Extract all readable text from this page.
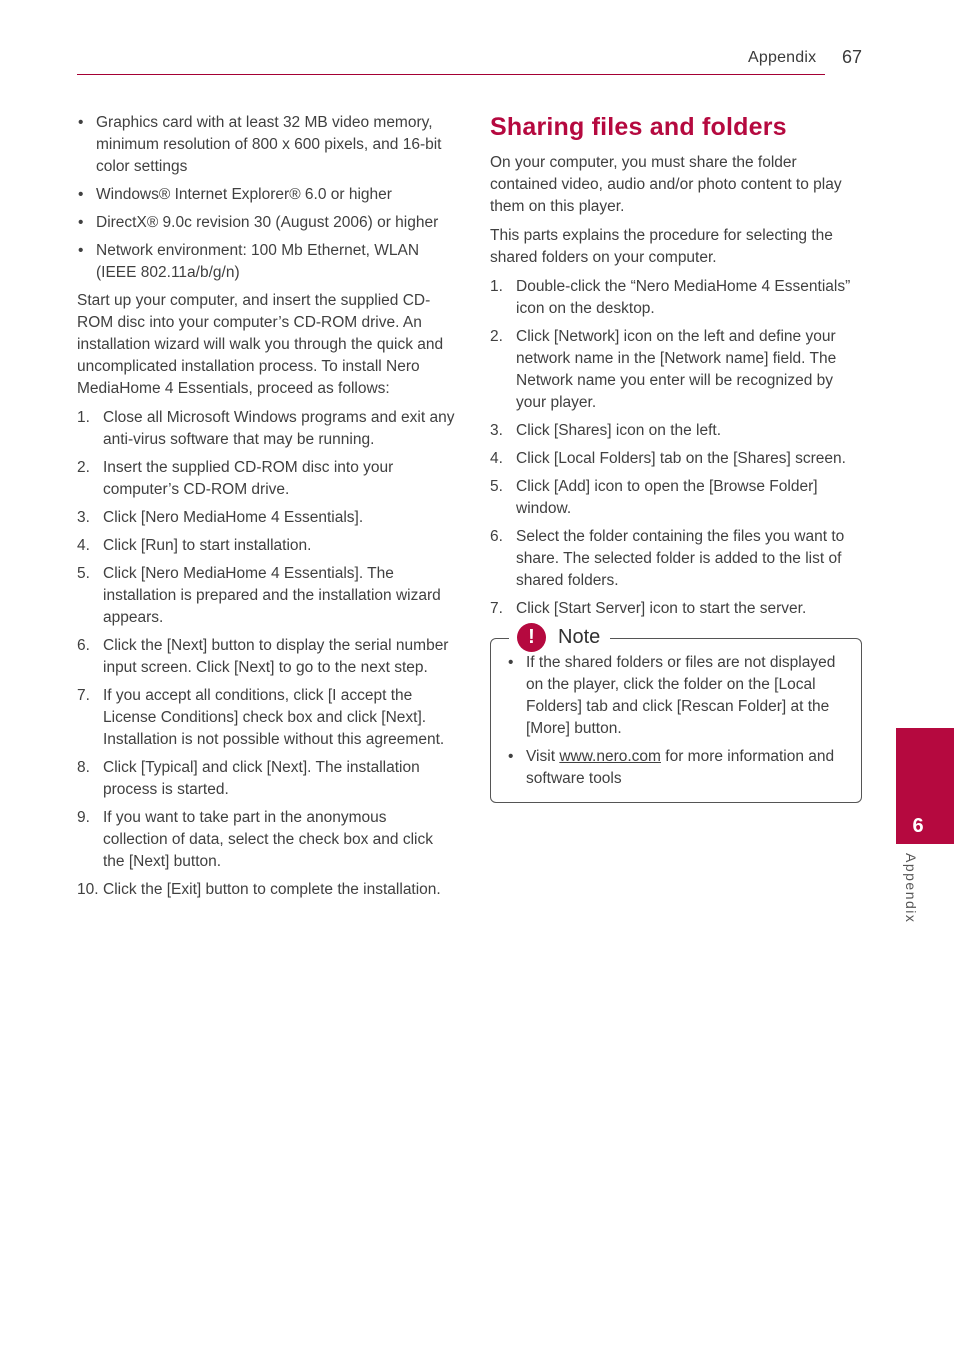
Appendix 67
• Graphics card with at least 32 MB video memory, minimum resolution of 800 x 600 pixels, and 16-bit color settings
• Windows® Internet Explorer® 6.0 or higher
• DirectX® 9.0c revision 30 (August 2006) or higher
• Network environment: 100 Mb Ethernet, WLAN (IEEE 802.11a/b/g/n)

Start up your computer, and insert the supplied CD-ROM disc into your computer’s CD-ROM drive. An installation wizard will walk you through the quick and uncomplicated installation process. To install Nero MediaHome 4 Essentials, proceed as follows:

1. Close all Microsoft Windows programs and exit any anti-virus software that may be running.
2. Insert the supplied CD-ROM disc into your computer’s CD-ROM drive.
3. Click [Nero MediaHome 4 Essentials].
4. Click [Run] to start installation.
5. Click [Nero MediaHome 4 Essentials]. The installation is prepared and the installation wizard appears.
6. Click the [Next] button to display the serial number input screen. Click [Next] to go to the next step.
7. If you accept all conditions, click [I accept the License Conditions] check box and click [Next]. Installation is not possible without this agreement.
8. Click [Typical] and click [Next]. The installation process is started.
9. If you want to take part in the anonymous collection of data, select the check box and click the [Next] button.
10. Click the [Exit] button to complete the installation.
Sharing files and folders

On your computer, you must share the folder contained video, audio and/or photo content to play them on this player.

This parts explains the procedure for selecting the shared folders on your computer.

1. Double-click the “Nero MediaHome 4 Essentials” icon on the desktop.
2. Click [Network] icon on the left and define your network name in the [Network name] field. The Network name you enter will be recognized by your player.
3. Click [Shares] icon on the left.
4. Click [Local Folders] tab on the [Shares] screen.
5. Click [Add] icon to open the [Browse Folder] window.
6. Select the folder containing the files you want to share. The selected folder is added to the list of shared folders.
7. Click [Start Server] icon to start the server.
!	Note
• If the shared folders or files are not displayed on the player, click the folder on the [Local Folders] tab and click [Rescan Folder] at the [More] button.
• Visit www.nero.com for more information and software tools
6
Appendix
